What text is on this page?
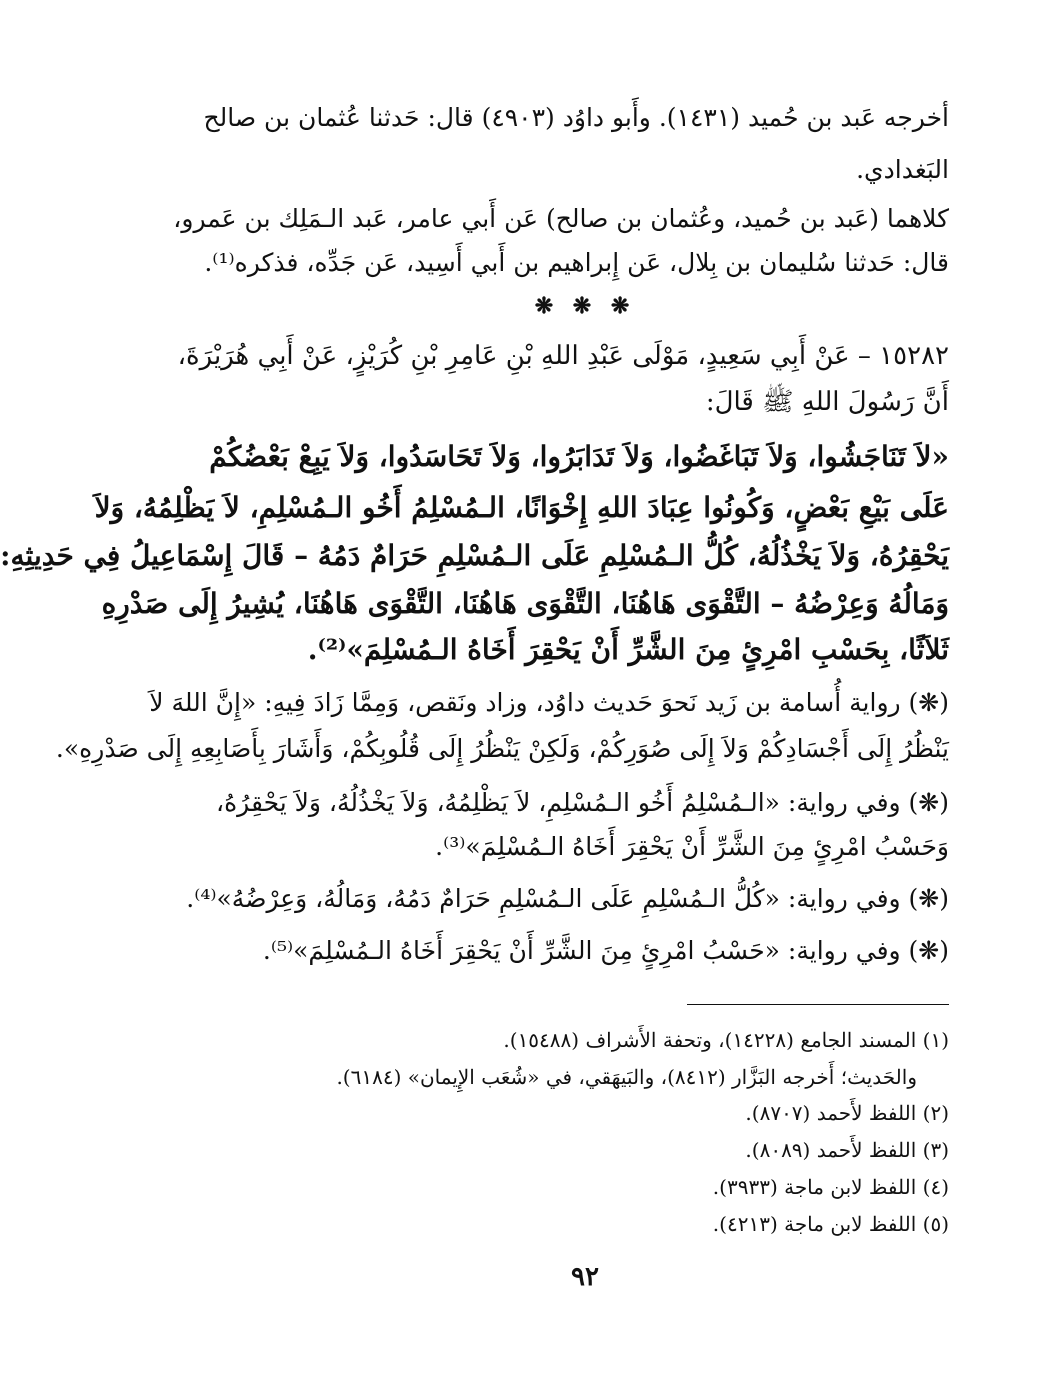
أخرجه عَبد بن حُميد (١٤٣١). وأَبو داوُد (٤٩٠٣) قال: حَدثنا عُثمان بن صالح
البَغدادي.
كلاهما (عَبد بن حُميد، وعُثمان بن صالح) عَن أَبي عامر، عَبد الـمَلِك بن عَمرو،
قال: حَدثنا سُليمان بن بِلال، عَن إِبراهيم بن أَبي أَسِيد، عَن جَدِّه، فذكره⁽¹⁾.
❋ ❋ ❋
١٥٢٨٢ – عَنْ أَبِي سَعِيدٍ، مَوْلَى عَبْدِ اللهِ بْنِ عَامِرِ بْنِ كُرَيْزٍ، عَنْ أَبِي هُرَيْرَةَ،
أَنَّ رَسُولَ اللهِ ﷺ قَالَ:
«لاَ تَنَاجَشُوا، وَلاَ تَبَاغَضُوا، وَلاَ تَدَابَرُوا، وَلاَ تَحَاسَدُوا، وَلاَ يَبِعْ بَعْضُكُمْ
عَلَى بَيْعِ بَعْضٍ، وَكُونُوا عِبَادَ اللهِ إِخْوَانًا، الـمُسْلِمُ أَخُو الـمُسْلِمِ، لاَ يَظْلِمُهُ، وَلاَ
يَحْقِرُهُ، وَلاَ يَخْذُلُهُ، كُلُّ الـمُسْلِمِ عَلَى الـمُسْلِمِ حَرَامٌ دَمُهُ – قَالَ إِسْمَاعِيلُ فِي حَدِيثِهِ:
وَمَالُهُ وَعِرْضُهُ – التَّقْوَى هَاهُنَا، التَّقْوَى هَاهُنَا، التَّقْوَى هَاهُنَا، يُشِيرُ إِلَى صَدْرِهِ
ثَلاَثًا، بِحَسْبِ امْرِئٍ مِنَ الشَّرِّ أَنْ يَحْقِرَ أَخَاهُ الـمُسْلِمَ»⁽²⁾.
(❋) رواية أُسامة بن زَيد نَحوَ حَديث داوُد، وزاد ونَقص، وَمِمَّا زَادَ فِيهِ: «إِنَّ اللهَ لاَ
يَنْظُرُ إِلَى أَجْسَادِكُمْ وَلاَ إِلَى صُوَرِكُمْ، وَلَكِنْ يَنْظُرُ إِلَى قُلُوبِكُمْ، وَأَشَارَ بِأَصَابِعِهِ إِلَى صَدْرِهِ».
(❋) وفي رواية: «الـمُسْلِمُ أَخُو الـمُسْلِمِ، لاَ يَظْلِمُهُ، وَلاَ يَخْذُلُهُ، وَلاَ يَحْقِرُهُ،
وَحَسْبُ امْرِئٍ مِنَ الشَّرِّ أَنْ يَحْقِرَ أَخَاهُ الـمُسْلِمَ»⁽³⁾.
(❋) وفي رواية: «كُلُّ الـمُسْلِمِ عَلَى الـمُسْلِمِ حَرَامٌ دَمُهُ، وَمَالُهُ، وَعِرْضُهُ»⁽⁴⁾.
(❋) وفي رواية: «حَسْبُ امْرِئٍ مِنَ الشَّرِّ أَنْ يَحْقِرَ أَخَاهُ الـمُسْلِمَ»⁽⁵⁾.
(١) المسند الجامع (١٤٢٢٨)، وتحفة الأَشراف (١٥٤٨٨).
والحَديث؛ أَخرجه البَزَّار (٨٤١٢)، والبَيهَقي، في «شُعَب الإِيمان» (٦١٨٤).
(٢) اللفظ لأَحمد (٨٧٠٧).
(٣) اللفظ لأَحمد (٨٠٨٩).
(٤) اللفظ لابن ماجة (٣٩٣٣).
(٥) اللفظ لابن ماجة (٤٢١٣).
٩٢
